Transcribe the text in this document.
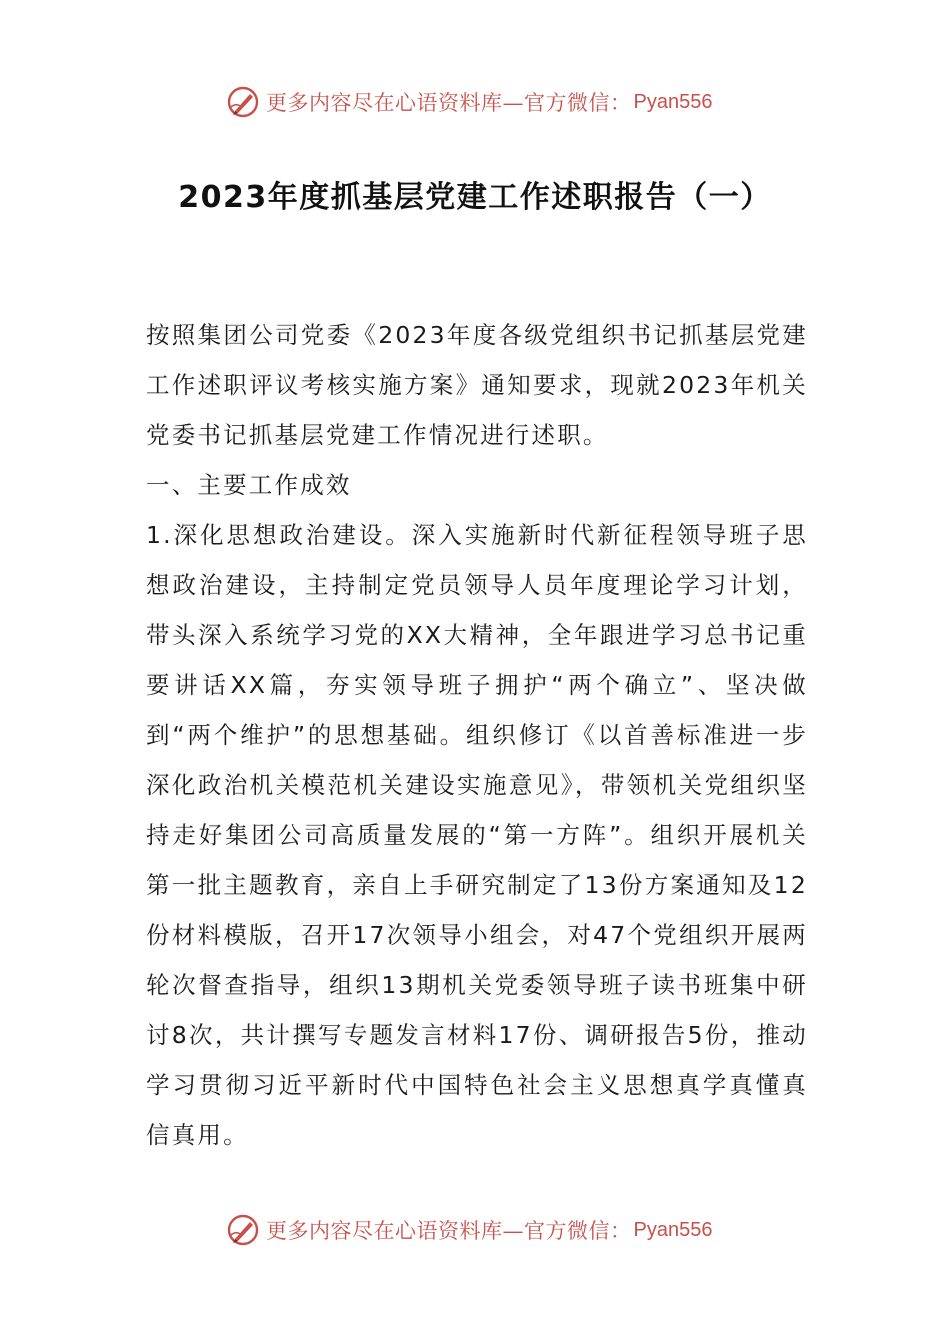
更多内容尽在心语资料库—官方微信： Pyan556
2023年度抓基层党建工作述职报告（一）

按照集团公司党委《2023年度各级党组织书记抓基层党建工作述职评议考核实施方案》通知要求，现就2023年机关党委书记抓基层党建工作情况进行述职。

一、主要工作成效

1.深化思想政治建设。深入实施新时代新征程领导班子思想政治建设，主持制定党员领导人员年度理论学习计划，带头深入系统学习党的XX大精神，全年跟进学习总书记重要讲话XX篇，夯实领导班子拥护“两个确立”、坚决做到“两个维护”的思想基础。组织修订《以首善标准进一步深化政治机关模范机关建设实施意见》，带领机关党组织坚持走好集团公司高质量发展的“第一方阵”。组织开展机关第一批主题教育，亲自上手研究制定了13份方案通知及12份材料模版，召开17次领导小组会，对47个党组织开展两轮次督查指导，组织13期机关党委领导班子读书班集中研讨8次，共计撰写专题发言材料17份、调研报告5份，推动学习贯彻习近平新时代中国特色社会主义思想真学真懂真信真用。

更多内容尽在心语资料库—官方微信： Pyan556
